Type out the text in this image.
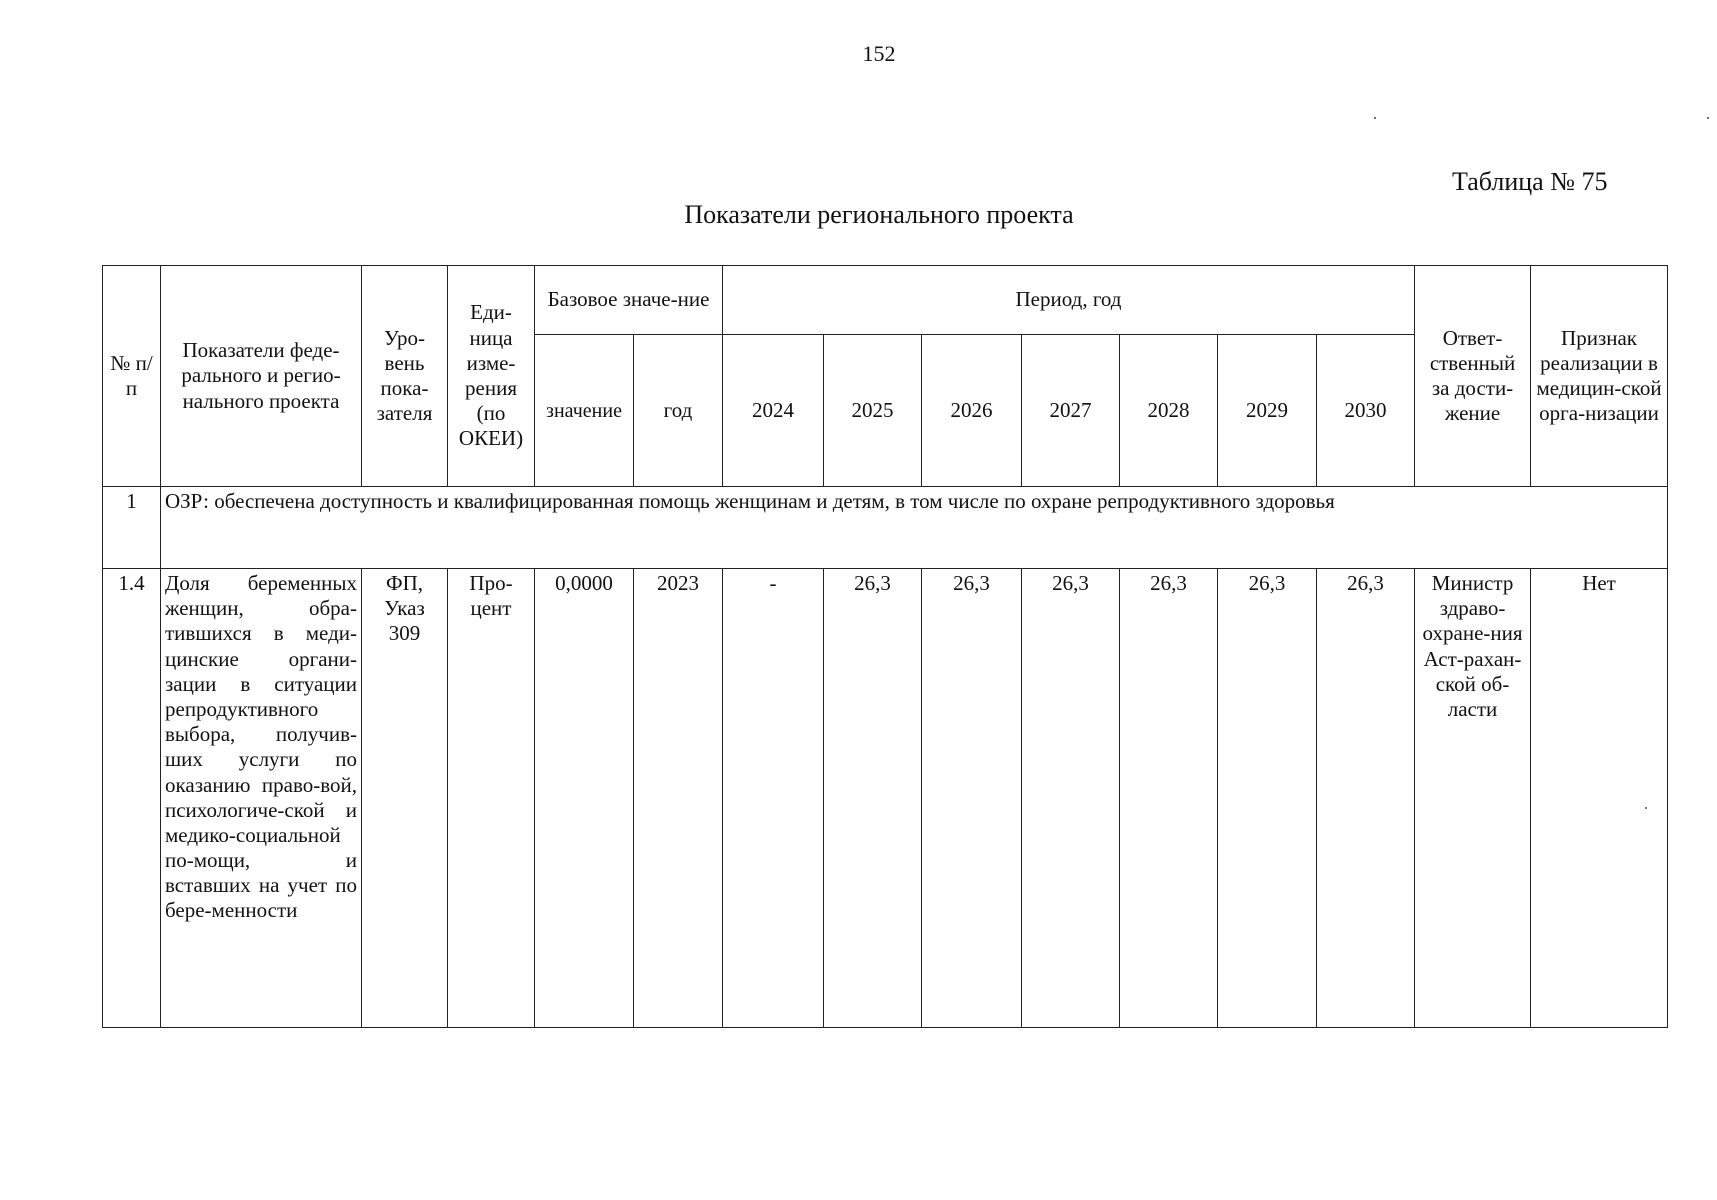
152
Таблица № 75
Показатели регионального проекта
№ п/п	Показатели феде-рального и регио-нального проекта	Уро-вень пока-зателя	Еди-ница изме-рения (по ОКЕИ)	Базовое значе-ние		Период, год							Ответ-ственный за дости-жение	Признак реализации в медицин-ской орга-низации
				значение	год	2024	2025	2026	2027	2028	2029	2030		
1	ОЗР: обеспечена доступность и квалифицированная помощь женщинам и детям, в том числе по охране репродуктивного здоровья													
1.4	Доля беременных женщин, обра-тившихся в меди-цинские органи-зации в ситуации репродуктивного выбора, получив-ших услуги по оказанию право-вой, психологиче-ской и медико-социальной по-мощи, и вставших на учет по бере-менности	ФП, Указ 309	Про-цент	0,0000	2023	-	26,3	26,3	26,3	26,3	26,3	26,3	Министр здраво-охране-ния Аст-рахан-ской об-ласти	Нет
